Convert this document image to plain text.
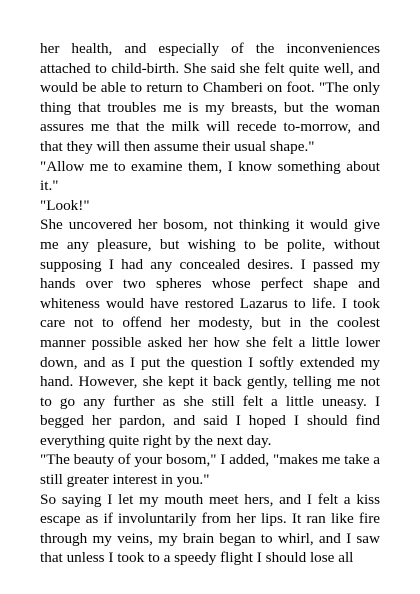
her health, and especially of the inconveniences attached to child-birth. She said she felt quite well, and would be able to return to Chamberi on foot. "The only thing that troubles me is my breasts, but the woman assures me that the milk will recede to-morrow, and that they will then assume their usual shape."

"Allow me to examine them, I know something about it."

"Look!"

She uncovered her bosom, not thinking it would give me any pleasure, but wishing to be polite, without supposing I had any concealed desires. I passed my hands over two spheres whose perfect shape and whiteness would have restored Lazarus to life. I took care not to offend her modesty, but in the coolest manner possible asked her how she felt a little lower down, and as I put the question I softly extended my hand. However, she kept it back gently, telling me not to go any further as she still felt a little uneasy. I begged her pardon, and said I hoped I should find everything quite right by the next day.

"The beauty of your bosom," I added, "makes me take a still greater interest in you."

So saying I let my mouth meet hers, and I felt a kiss escape as if involuntarily from her lips. It ran like fire through my veins, my brain began to whirl, and I saw that unless I took to a speedy flight I should lose all
